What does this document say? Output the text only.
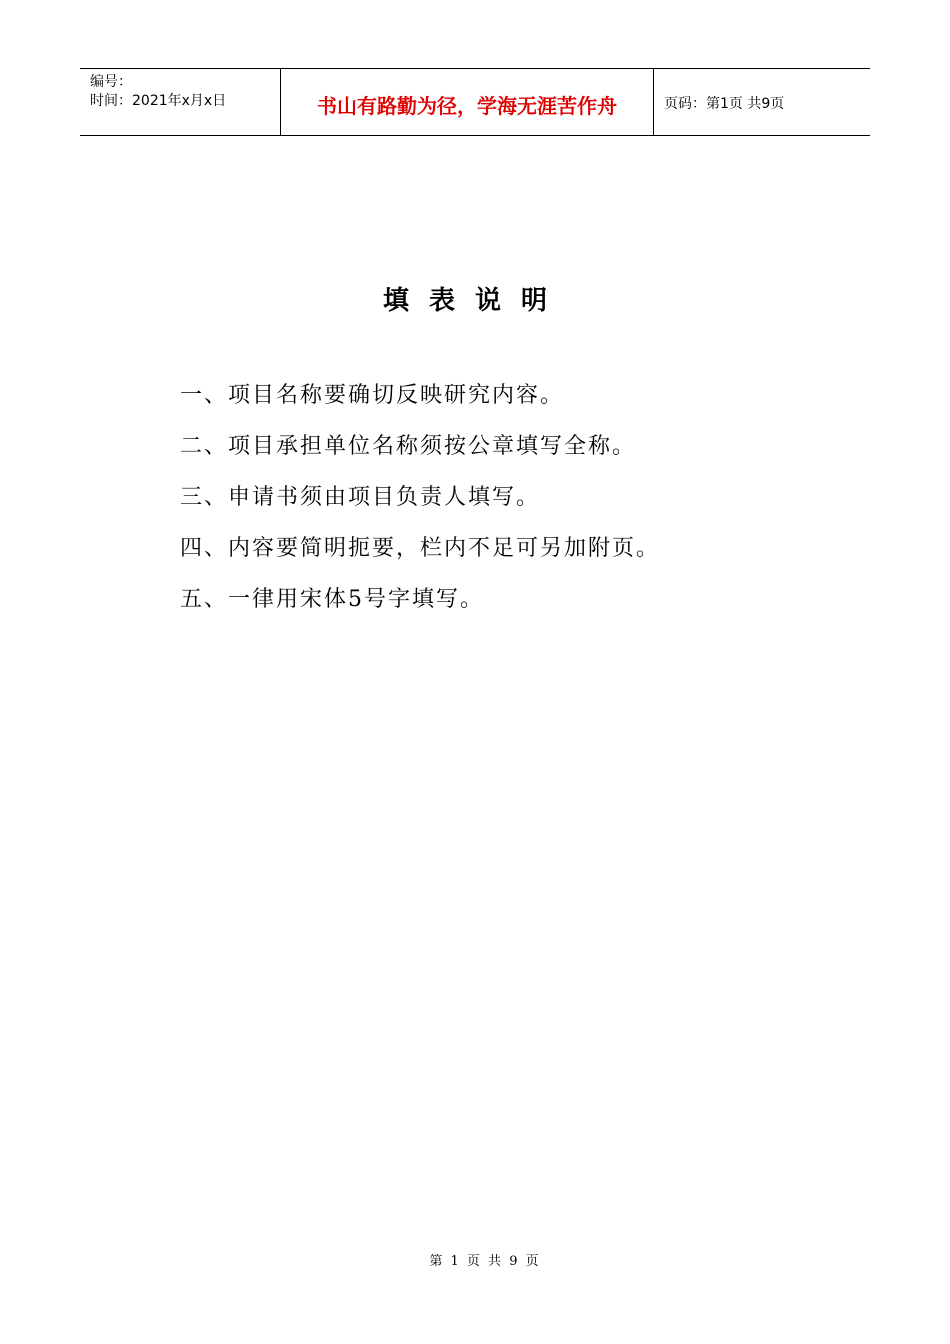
编号：
时间：2021年x月x日	书山有路勤为径，学海无涯苦作舟	页码：第1页 共9页
填表说明
一、项目名称要确切反映研究内容。
二、项目承担单位名称须按公章填写全称。
三、申请书须由项目负责人填写。
四、内容要简明扼要，栏内不足可另加附页。
五、一律用宋体5号字填写。
第 1 页 共 9 页
